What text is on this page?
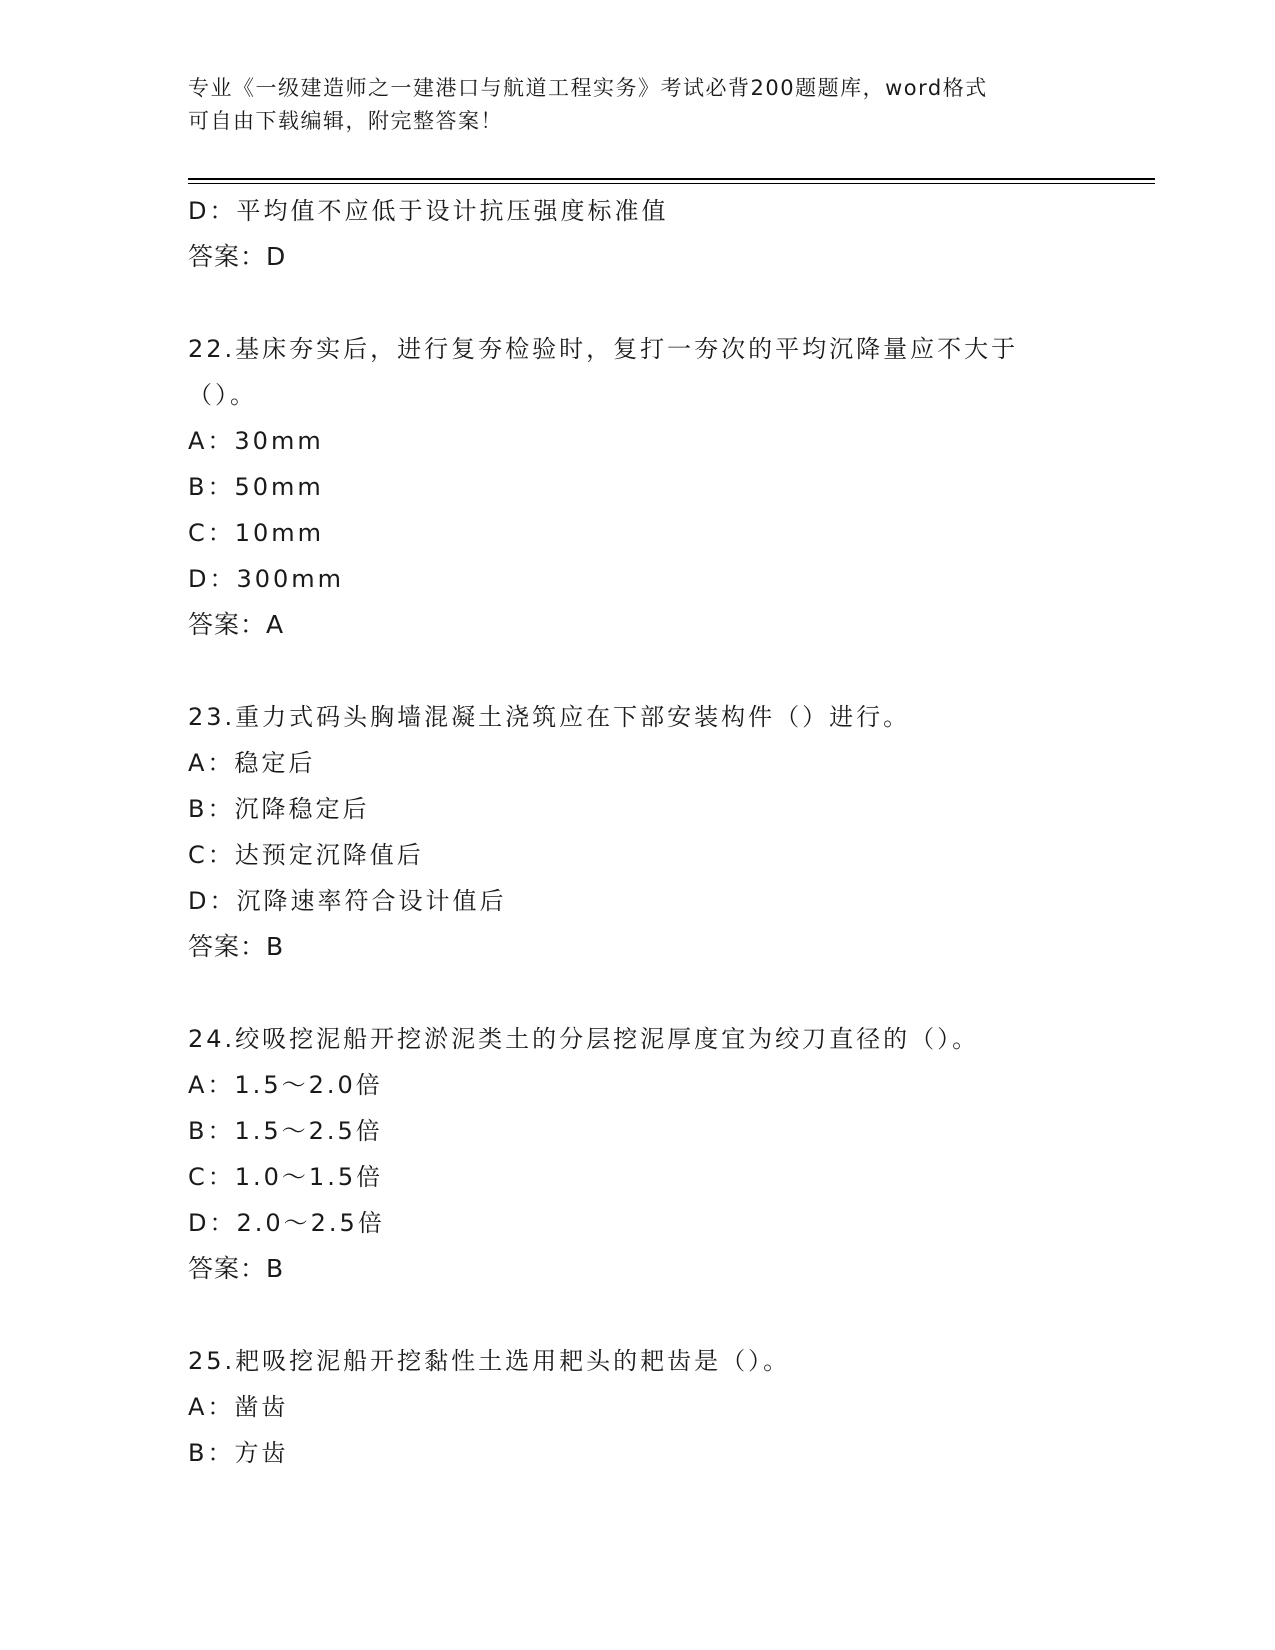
专业《一级建造师之一建港口与航道工程实务》考试必背200题题库，word格式
可自由下载编辑，附完整答案！
D：平均值不应低于设计抗压强度标准值
答案：D
22.基床夯实后，进行复夯检验时，复打一夯次的平均沉降量应不大于
（）。
A：30mm
B：50mm
C：10mm
D：300mm
答案：A
23.重力式码头胸墙混凝土浇筑应在下部安装构件（）进行。
A：稳定后
B：沉降稳定后
C：达预定沉降值后
D：沉降速率符合设计值后
答案：B
24.绞吸挖泥船开挖淤泥类土的分层挖泥厚度宜为绞刀直径的（）。
A：1.5～2.0倍
B：1.5～2.5倍
C：1.0～1.5倍
D：2.0～2.5倍
答案：B
25.耙吸挖泥船开挖黏性土选用耙头的耙齿是（）。
A：凿齿
B：方齿
